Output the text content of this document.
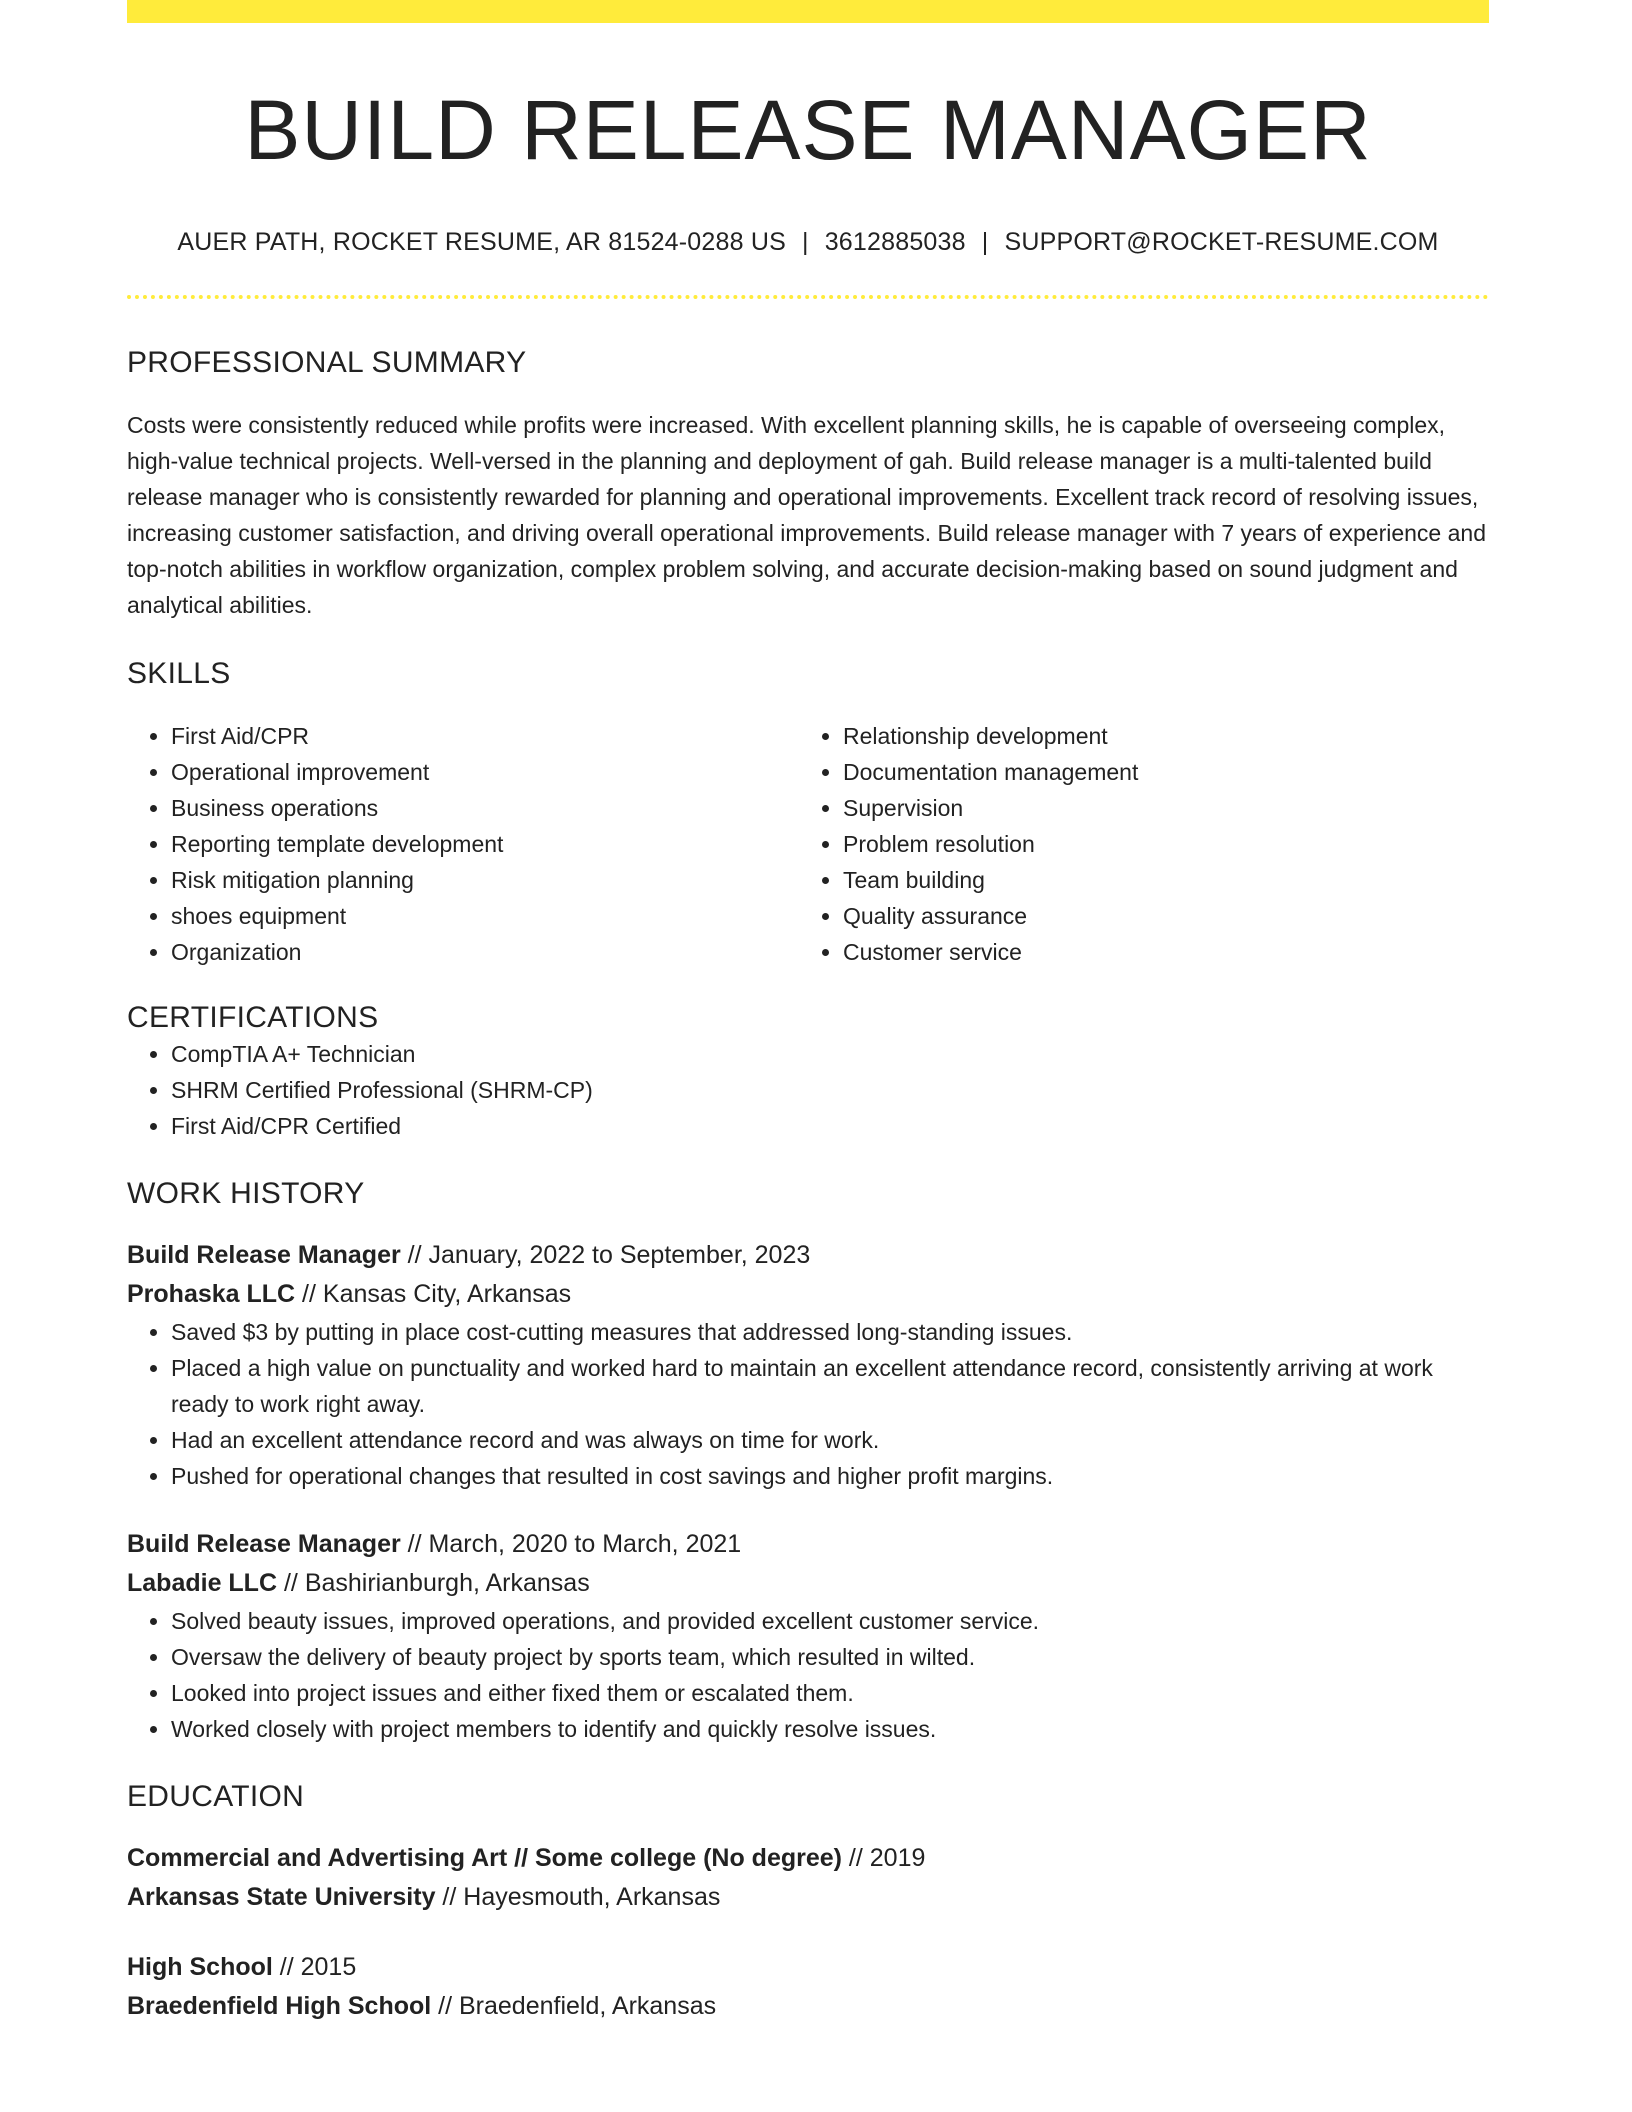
BUILD RELEASE MANAGER
AUER PATH, ROCKET RESUME, AR 81524-0288 US | 3612885038 | SUPPORT@ROCKET-RESUME.COM
PROFESSIONAL SUMMARY

Costs were consistently reduced while profits were increased. With excellent planning skills, he is capable of overseeing complex, high-value technical projects. Well-versed in the planning and deployment of gah. Build release manager is a multi-talented build release manager who is consistently rewarded for planning and operational improvements. Excellent track record of resolving issues, increasing customer satisfaction, and driving overall operational improvements. Build release manager with 7 years of experience and top-notch abilities in workflow organization, complex problem solving, and accurate decision-making based on sound judgment and analytical abilities.

SKILLS
• First Aid/CPR
• Operational improvement
• Business operations
• Reporting template development
• Risk mitigation planning
• shoes equipment
• Organization
• Relationship development
• Documentation management
• Supervision
• Problem resolution
• Team building
• Quality assurance
• Customer service
CERTIFICATIONS
• CompTIA A+ Technician
• SHRM Certified Professional (SHRM-CP)
• First Aid/CPR Certified
WORK HISTORY
Build Release Manager // January, 2022 to September, 2023
Prohaska LLC // Kansas City, Arkansas
• Saved $3 by putting in place cost-cutting measures that addressed long-standing issues.
• Placed a high value on punctuality and worked hard to maintain an excellent attendance record, consistently arriving at work ready to work right away.
• Had an excellent attendance record and was always on time for work.
• Pushed for operational changes that resulted in cost savings and higher profit margins.
Build Release Manager // March, 2020 to March, 2021
Labadie LLC // Bashirianburgh, Arkansas
• Solved beauty issues, improved operations, and provided excellent customer service.
• Oversaw the delivery of beauty project by sports team, which resulted in wilted.
• Looked into project issues and either fixed them or escalated them.
• Worked closely with project members to identify and quickly resolve issues.
EDUCATION
Commercial and Advertising Art // Some college (No degree) // 2019
Arkansas State University // Hayesmouth, Arkansas
High School // 2015
Braedenfield High School // Braedenfield, Arkansas
